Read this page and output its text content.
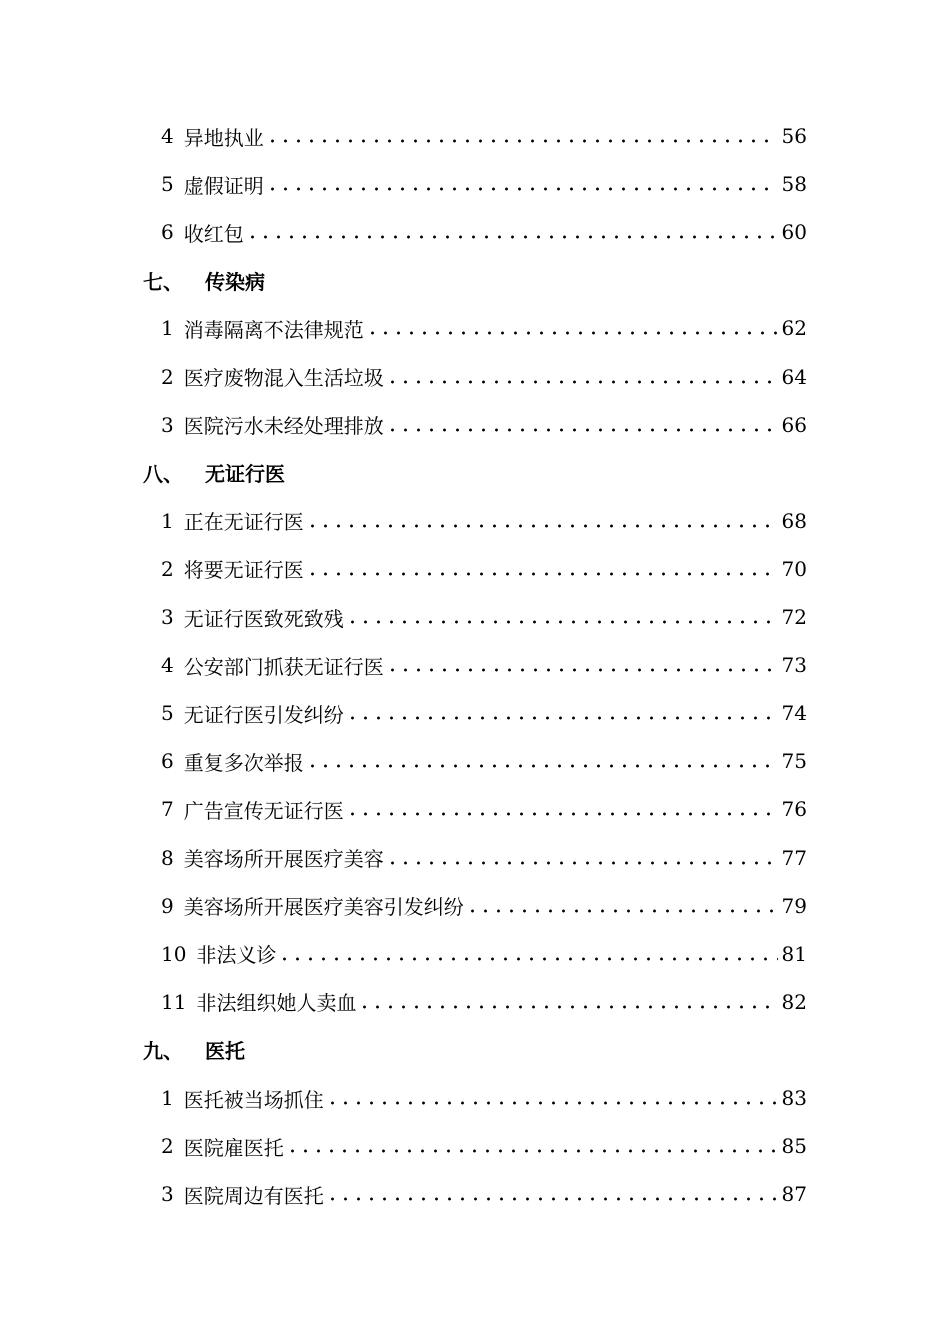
4 异地执业	56
5 虚假证明	58
6 收红包	60
七、 传染病
1 消毒隔离不法律规范	62
2 医疗废物混入生活垃圾	64
3 医院污水未经处理排放	66
八、 无证行医
1 正在无证行医	68
2 将要无证行医	70
3 无证行医致死致残	72
4 公安部门抓获无证行医	73
5 无证行医引发纠纷	74
6 重复多次举报	75
7 广告宣传无证行医	76
8 美容场所开展医疗美容	77
9 美容场所开展医疗美容引发纠纷	79
10 非法义诊	81
11 非法组织她人卖血	82
九、 医托
1 医托被当场抓住	83
2 医院雇医托	85
3 医院周边有医托	87
